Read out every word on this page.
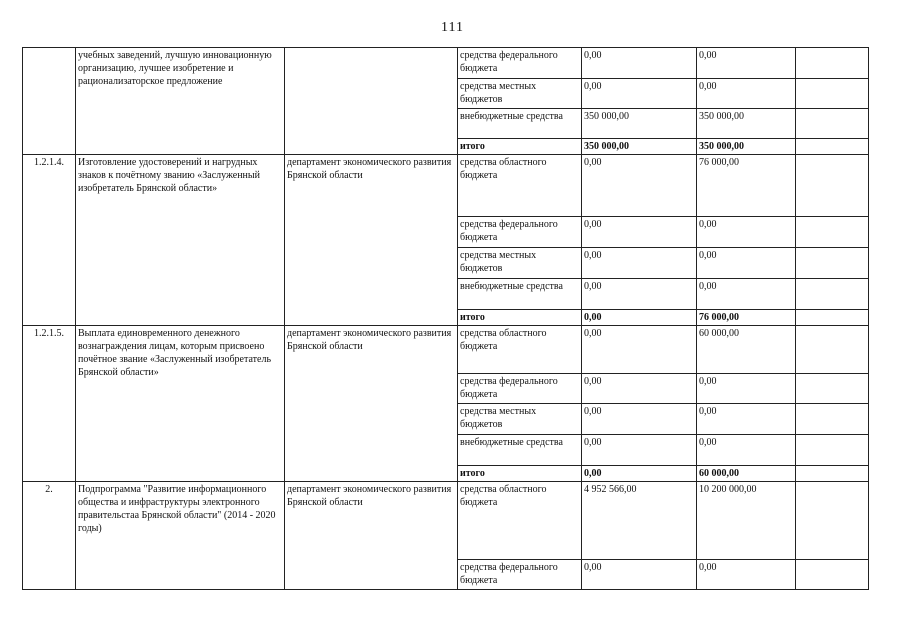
111
	учебных заведений, лучшую инновационную организацию, лучшее изобретение и рационализаторское предложение		средства федерального бюджета	0,00	0,00	
			средства местных бюджетов	0,00	0,00	
			внебюджетные средства	350 000,00	350 000,00	
			итого	350 000,00	350 000,00	
1.2.1.4.	Изготовление удостоверений и нагрудных знаков к почётному званию «Заслуженный изобретатель Брянской области»	департамент экономического развития Брянской области	средства областного бюджета	0,00	76 000,00	
			средства федерального бюджета	0,00	0,00	
			средства местных бюджетов	0,00	0,00	
			внебюджетные средства	0,00	0,00	
			итого	0,00	76 000,00	
1.2.1.5.	Выплата единовременного денежного вознаграждения лицам, которым присвоено почётное звание «Заслуженный изобретатель Брянской области»	департамент экономического развития Брянской области	средства областного бюджета	0,00	60 000,00	
			средства федерального бюджета	0,00	0,00	
			средства местных бюджетов	0,00	0,00	
			внебюджетные средства	0,00	0,00	
			итого	0,00	60 000,00	
2.	Подпрограмма "Развитие информационного общества и инфраструктуры электронного правительстаа Брянской области" (2014 - 2020 годы)	департамент экономического развития Брянской области	средства областного бюджета	4 952 566,00	10 200 000,00	
			средства федерального бюджета	0,00	0,00	
